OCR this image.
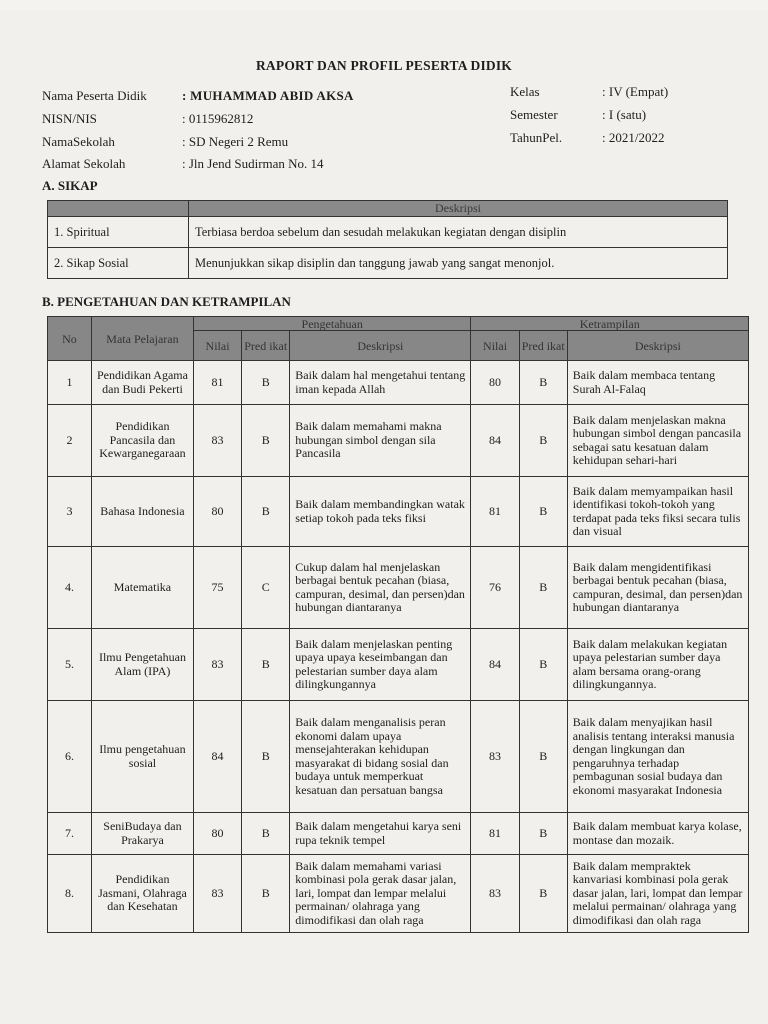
RAPORT DAN PROFIL PESERTA DIDIK
Nama Peserta Didik	: MUHAMMAD ABID AKSA
NISN/NIS	: 0115962812
NamaSekolah	: SD Negeri 2 Remu
Alamat Sekolah	: Jln Jend Sudirman No. 14
Kelas	: IV (Empat)
Semester	: I (satu)
TahunPel.	: 2021/2022
A. SIKAP
	Deskripsi
1. Spiritual	Terbiasa berdoa sebelum dan sesudah melakukan kegiatan dengan disiplin
2. Sikap Sosial	Menunjukkan sikap disiplin dan tanggung jawab yang sangat menonjol.
B. PENGETAHUAN DAN KETRAMPILAN
No	Mata Pelajaran	Pengetahuan			Ketrampilan		
		Nilai	Pred ikat	Deskripsi	Nilai	Pred ikat	Deskripsi
1	Pendidikan Agama dan Budi Pekerti	81	B	Baik dalam hal mengetahui tentang iman kepada Allah	80	B	Baik dalam membaca tentang Surah Al-Falaq
2	Pendidikan Pancasila dan Kewarganegaraan	83	B	Baik dalam memahami makna hubungan simbol dengan sila Pancasila	84	B	Baik dalam menjelaskan makna hubungan simbol dengan pancasila sebagai satu kesatuan dalam kehidupan sehari-hari
3	Bahasa Indonesia	80	B	Baik dalam membandingkan watak setiap tokoh pada teks fiksi	81	B	Baik dalam memyampaikan hasil identifikasi tokoh-tokoh yang terdapat pada teks fiksi secara tulis dan visual
4.	Matematika	75	C	Cukup dalam hal menjelaskan berbagai bentuk pecahan (biasa, campuran, desimal, dan persen)dan hubungan diantaranya	76	B	Baik dalam mengidentifikasi berbagai bentuk pecahan (biasa, campuran, desimal, dan persen)dan hubungan diantaranya
5.	Ilmu Pengetahuan Alam (IPA)	83	B	Baik dalam menjelaskan penting upaya upaya keseimbangan dan pelestarian sumber daya alam dilingkungannya	84	B	Baik dalam melakukan kegiatan upaya pelestarian sumber daya alam bersama orang-orang dilingkungannya.
6.	Ilmu pengetahuan sosial	84	B	Baik dalam menganalisis peran ekonomi dalam upaya mensejahterakan kehidupan masyarakat di bidang sosial dan budaya untuk memperkuat kesatuan dan persatuan bangsa	83	B	Baik dalam menyajikan hasil analisis tentang interaksi manusia dengan lingkungan dan pengaruhnya terhadap pembagunan sosial budaya dan ekonomi masyarakat Indonesia
7.	SeniBudaya dan Prakarya	80	B	Baik dalam mengetahui karya seni rupa teknik tempel	81	B	Baik dalam membuat karya kolase, montase dan mozaik.
8.	Pendidikan Jasmani, Olahraga dan Kesehatan	83	B	Baik dalam memahami variasi kombinasi pola gerak dasar jalan, lari, lompat dan lempar melalui permainan/ olahraga yang dimodifikasi dan olah raga	83	B	Baik dalam mempraktek kanvariasi kombinasi pola gerak dasar jalan, lari, lompat dan lempar melalui permainan/ olahraga yang dimodifikasi dan olah raga
